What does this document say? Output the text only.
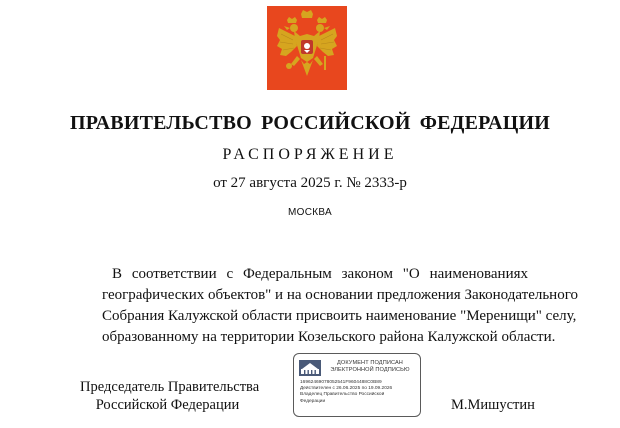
ПРАВИТЕЛЬСТВО РОССИЙСКОЙ ФЕДЕРАЦИИ
РАСПОРЯЖЕНИЕ
от 27 августа 2025 г. № 2333-р
МОСКВА

В соответствии с Федеральным законом "О наименованиях
географических объектов" и на основании предложения Законодательного
Собрания Калужской области присвоить наименование "Меренищи" селу,
образованному на территории Козельского района Калужской области.

Председатель Правительства
Российской Федерации
ДОКУМЕНТ ПОДПИСАН
ЭЛЕКТРОННОЙ ПОДПИСЬЮ
16962469078052541F9604488C0B89
Действителен с 26.06.2025 по 19.09.2026
Владелец Правительство Российской
Федерации	М.Мишустин
